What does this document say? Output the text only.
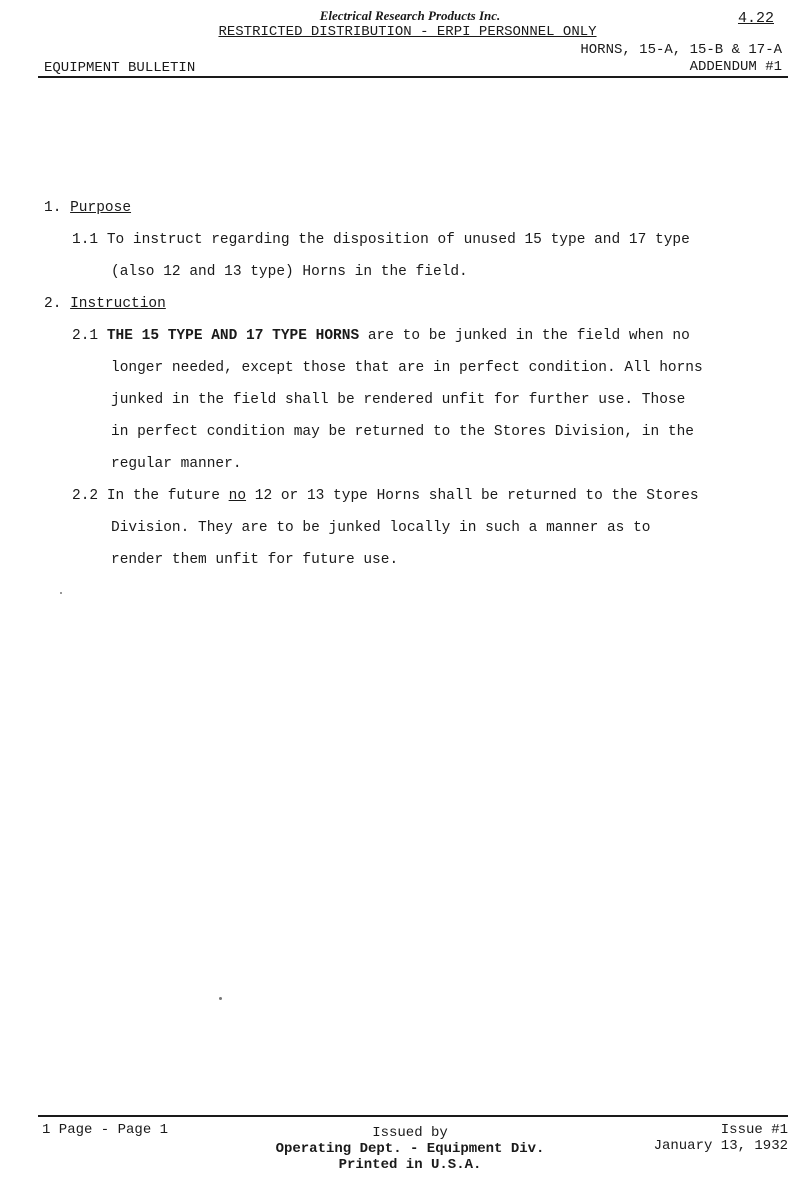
Electrical Research Products Inc.
RESTRICTED DISTRIBUTION - ERPI PERSONNEL ONLY
4.22
HORNS, 15-A, 15-B & 17-A
EQUIPMENT BULLETIN	ADDENDUM #1
1. Purpose
1.1 To instruct regarding the disposition of unused 15 type and 17 type
(also 12 and 13 type) Horns in the field.
2. Instruction
2.1 THE 15 TYPE AND 17 TYPE HORNS are to be junked in the field when no
longer needed, except those that are in perfect condition. All horns
junked in the field shall be rendered unfit for further use. Those
in perfect condition may be returned to the Stores Division, in the
regular manner.
2.2 In the future no 12 or 13 type Horns shall be returned to the Stores
Division. They are to be junked locally in such a manner as to
render them unfit for future use.
1 Page - Page 1	Issued by
Operating Dept. - Equipment Div.
Printed in U.S.A.
Issue #1
January 13, 1932
